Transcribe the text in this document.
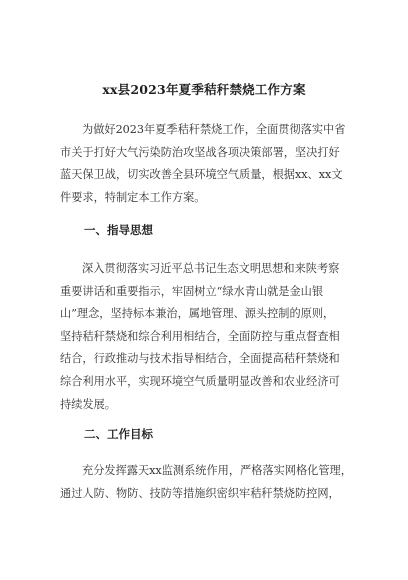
xx县2023年夏季秸秆禁烧工作方案
为做好2023年夏季秸秆禁烧工作，全面贯彻落实中省
市关于打好大气污染防治攻坚战各项决策部署，坚决打好
蓝天保卫战，切实改善全县环境空气质量，根据xx、xx文
件要求，特制定本工作方案。
一、指导思想
深入贯彻落实习近平总书记生态文明思想和来陕考察
重要讲话和重要指示，牢固树立“绿水青山就是金山银
山”理念，坚持标本兼治，属地管理、源头控制的原则，
坚持秸秆禁烧和综合利用相结合，全面防控与重点督查相
结合，行政推动与技术指导相结合，全面提高秸秆禁烧和
综合利用水平，实现环境空气质量明显改善和农业经济可
持续发展。
二、工作目标
充分发挥露天xx监测系统作用，严格落实网格化管理，
通过人防、物防、技防等措施织密织牢秸秆禁烧防控网，
